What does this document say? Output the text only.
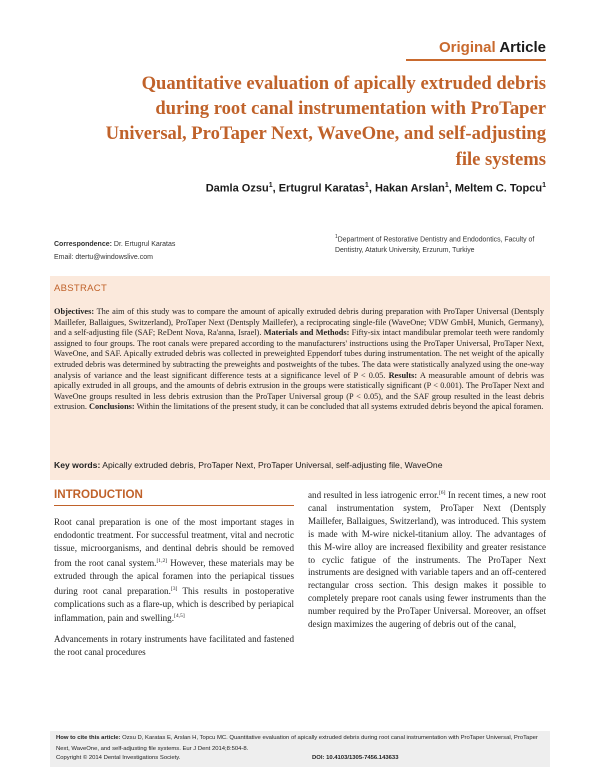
Original Article
Quantitative evaluation of apically extruded debris during root canal instrumentation with ProTaper Universal, ProTaper Next, WaveOne, and self-adjusting file systems
Damla Ozsu$^1$, Ertugrul Karatas$^1$, Hakan Arslan$^1$, Meltem C. Topcu$^1$
Correspondence: Dr. Ertugrul Karatas
Email: dtertu@windowslive.com
$^1$Department of Restorative Dentistry and Endodontics, Faculty of Dentistry, Ataturk University, Erzurum, Turkiye
ABSTRACT
Objectives: The aim of this study was to compare the amount of apically extruded debris during preparation with ProTaper Universal (Dentsply Maillefer, Ballaigues, Switzerland), ProTaper Next (Dentsply Maillefer), a reciprocating single-file (WaveOne; VDW GmbH, Munich, Germany), and a self-adjusting file (SAF; ReDent Nova, Ra'anna, Israel). Materials and Methods: Fifty-six intact mandibular premolar teeth were randomly assigned to four groups. The root canals were prepared according to the manufacturers' instructions using the ProTaper Universal, ProTaper Next, WaveOne, and SAF. Apically extruded debris was collected in preweighted Eppendorf tubes during instrumentation. The net weight of the apically extruded debris was determined by subtracting the preweights and postweights of the tubes. The data were statistically analyzed using the one-way analysis of variance and the least significant difference tests at a significance level of P < 0.05. Results: A measurable amount of debris was apically extruded in all groups, and the amounts of debris extrusion in the groups were statistically significant (P < 0.001). The ProTaper Next and WaveOne groups resulted in less debris extrusion than the ProTaper Universal group (P < 0.05), and the SAF group resulted in the least debris extrusion. Conclusions: Within the limitations of the present study, it can be concluded that all systems extruded debris beyond the apical foramen.
Key words: Apically extruded debris, ProTaper Next, ProTaper Universal, self-adjusting file, WaveOne
INTRODUCTION

Root canal preparation is one of the most important stages in endodontic treatment. For successful treatment, vital and necrotic tissue, microorganisms, and dentinal debris should be removed from the root canal system.[1,2] However, these materials may be extruded through the apical foramen into the periapical tissues during root canal preparation.[3] This results in postoperative complications such as a flare-up, which is described by periapical inflammation, pain and swelling.[4,5]

Advancements in rotary instruments have facilitated and fastened the root canal procedures

and resulted in less iatrogenic error.[6] In recent times, a new root canal instrumentation system, ProTaper Next (Dentsply Maillefer, Ballaigues, Switzerland), was introduced. This system is made with M-wire nickel-titanium alloy. The advantages of this M-wire alloy are increased flexibility and greater resistance to cyclic fatigue of the instruments. The ProTaper Next instruments are designed with variable tapers and an off-centered rectangular cross section. This design makes it possible to completely prepare root canals using fewer instruments than the number required by the ProTaper Universal. Moreover, an offset design maximizes the augering of debris out of the canal,

How to cite this article: Ozsu D, Karatas E, Arslan H, Topcu MC. Quantitative evaluation of apically extruded debris during root canal instrumentation with ProTaper Universal, ProTaper Next, WaveOne, and self-adjusting file systems. Eur J Dent 2014;8:504-8.
Copyright © 2014 Dental Investigations Society.	DOI: 10.4103/1305-7456.143633
